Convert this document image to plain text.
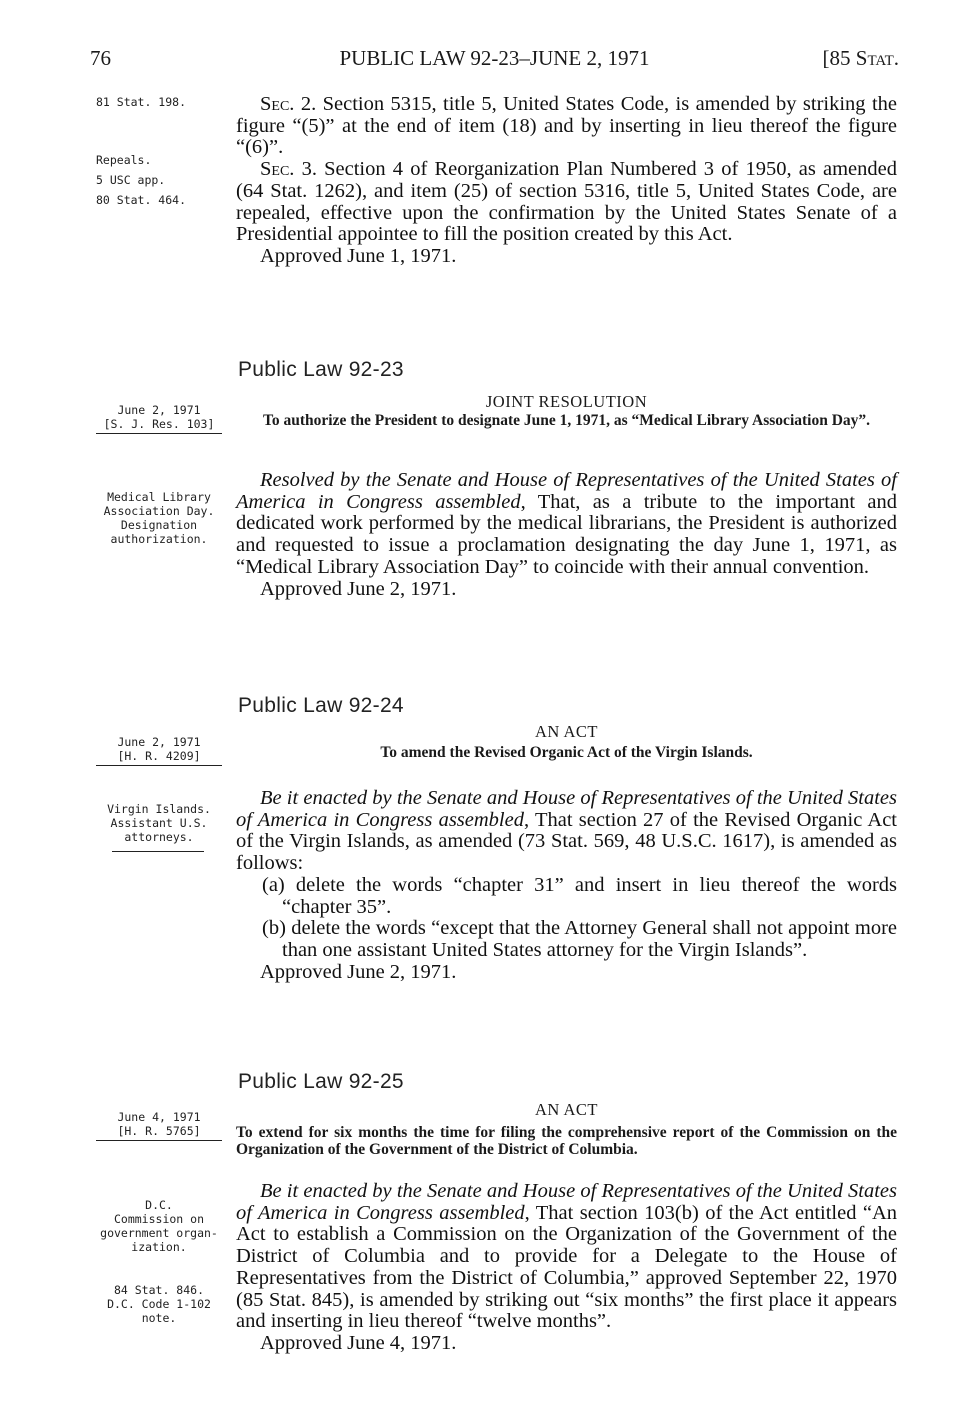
76	PUBLIC LAW 92-23–JUNE 2, 1971	[85 Stat.
81 Stat. 198.
Repeals.
5 USC app.
80 Stat. 464.
June 2, 1971
[S. J. Res. 103]
Medical Library
Association Day.
Designation
authorization.
June 2, 1971
[H. R. 4209]
Virgin Islands.
Assistant U.S.
attorneys.
June 4, 1971
[H. R. 5765]
D.C.
Commission on
government organ-
ization.
84 Stat. 846.
D.C. Code 1-102
note.

Sec. 2. Section 5315, title 5, United States Code, is amended by striking the figure “(5)” at the end of item (18) and by inserting in lieu thereof the figure “(6)”.

Sec. 3. Section 4 of Reorganization Plan Numbered 3 of 1950, as amended (64 Stat. 1262), and item (25) of section 5316, title 5, United States Code, are repealed, effective upon the confirmation by the United States Senate of a Presidential appointee to fill the position created by this Act.

Approved June 1, 1971.

Public Law 92-23
JOINT RESOLUTION
To authorize the President to designate June 1, 1971, as “Medical Library Association Day”.

Resolved by the Senate and House of Representatives of the United States of America in Congress assembled, That, as a tribute to the important and dedicated work performed by the medical librarians, the President is authorized and requested to issue a proclamation designating the day June 1, 1971, as “Medical Library Association Day” to coincide with their annual convention.

Approved June 2, 1971.

Public Law 92-24
AN ACT
To amend the Revised Organic Act of the Virgin Islands.

Be it enacted by the Senate and House of Representatives of the United States of America in Congress assembled, That section 27 of the Revised Organic Act of the Virgin Islands, as amended (73 Stat. 569, 48 U.S.C. 1617), is amended as follows:

(a) delete the words “chapter 31” and insert in lieu thereof the words “chapter 35”.

(b) delete the words “except that the Attorney General shall not appoint more than one assistant United States attorney for the Virgin Islands”.

Approved June 2, 1971.

Public Law 92-25
AN ACT
To extend for six months the time for filing the comprehensive report of the Commission on the Organization of the Government of the District of Columbia.

Be it enacted by the Senate and House of Representatives of the United States of America in Congress assembled, That section 103(b) of the Act entitled “An Act to establish a Commission on the Organization of the Government of the District of Columbia and to provide for a Delegate to the House of Representatives from the District of Columbia,” approved September 22, 1970 (85 Stat. 845), is amended by striking out “six months” the first place it appears and inserting in lieu thereof “twelve months”.

Approved June 4, 1971.
